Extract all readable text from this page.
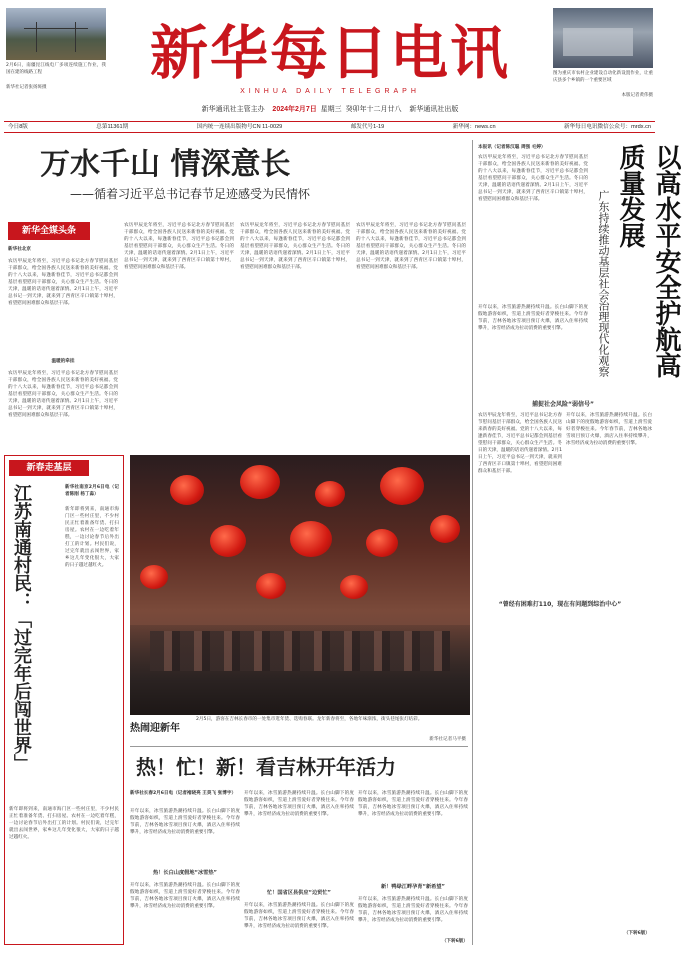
2月6日，南疆昆江线电厂多项连续施工作业，我国在建的线路工程
新华社记者张扬斑摄
新华每日电讯
XINHUA DAILY TELEGRAPH
图为重庆市农村企业建设自动化新设置作业，让重庆县多个乡镇的一个重要区域
本版记者黄伟摄
新华通讯社主管主办 2024年2月7日 星期三 癸卯年十二月廿八 新华通讯社出版
今日8版	总第11361期	国内统一连续出版物号CN 11-0029	邮发代号1-19	新华网：news.cn	新华每日电讯微信公众号：mrdx.cn
万水千山 情深意长
——循着习近平总书记春节足迹感受为民情怀
新华全媒头条
新华社北京
农历甲辰龙年将至，习近平总书记北方春节慰问基层干部群众，给全国各族人民送来新春的美好祝福。党的十八大以来，每逢新春佳节，习近平总书记都会到基层看望慰问干部群众，关心群众生产生活。冬日的天津，温暖的话语传递着深情。2月1日上午，习近平总书记一到天津，就来到了西青区辛口镇第十埠村，看望慰问困难群众和基层干部。
温暖的牵挂
农历甲辰龙年将至，习近平总书记北方春节慰问基层干部群众，给全国各族人民送来新春的美好祝福。党的十八大以来，每逢新春佳节，习近平总书记都会到基层看望慰问干部群众，关心群众生产生活。冬日的天津，温暖的话语传递着深情。2月1日上午，习近平总书记一到天津，就来到了西青区辛口镇第十埠村，看望慰问困难群众和基层干部。
农历甲辰龙年将至，习近平总书记北方春节慰问基层干部群众，给全国各族人民送来新春的美好祝福。党的十八大以来，每逢新春佳节，习近平总书记都会到基层看望慰问干部群众，关心群众生产生活。冬日的天津，温暖的话语传递着深情。2月1日上午，习近平总书记一到天津，就来到了西青区辛口镇第十埠村，看望慰问困难群众和基层干部。
农历甲辰龙年将至，习近平总书记北方春节慰问基层干部群众，给全国各族人民送来新春的美好祝福。党的十八大以来，每逢新春佳节，习近平总书记都会到基层看望慰问干部群众，关心群众生产生活。冬日的天津，温暖的话语传递着深情。2月1日上午，习近平总书记一到天津，就来到了西青区辛口镇第十埠村，看望慰问困难群众和基层干部。
农历甲辰龙年将至，习近平总书记北方春节慰问基层干部群众，给全国各族人民送来新春的美好祝福。党的十八大以来，每逢新春佳节，习近平总书记都会到基层看望慰问干部群众，关心群众生产生活。冬日的天津，温暖的话语传递着深情。2月1日上午，习近平总书记一到天津，就来到了西青区辛口镇第十埠村，看望慰问困难群众和基层干部。	以高水平安全护航高质量发展
广东持续推动基层社会治理现代化观察
本报讯（记者陈汉聪 周强 毛婷）
农历甲辰龙年将至，习近平总书记北方春节慰问基层干部群众，给全国各族人民送来新春的美好祝福。党的十八大以来，每逢新春佳节，习近平总书记都会到基层看望慰问干部群众，关心群众生产生活。冬日的天津，温暖的话语传递着深情。2月1日上午，习近平总书记一到天津，就来到了西青区辛口镇第十埠村，看望慰问困难群众和基层干部。
开年以来，冰雪旅游热潮持续升温。长白山脚下的度假地游客如织，雪道上滑雪爱好者穿梭往来。今年春节前，吉林各地冰雪项目预订火爆，酒店入住率持续攀升，冰雪经济成为拉动消费的重要引擎。
捕捉社会风险“弱信号”
农历甲辰龙年将至，习近平总书记北方春节慰问基层干部群众，给全国各族人民送来新春的美好祝福。党的十八大以来，每逢新春佳节，习近平总书记都会到基层看望慰问干部群众，关心群众生产生活。冬日的天津，温暖的话语传递着深情。2月1日上午，习近平总书记一到天津，就来到了西青区辛口镇第十埠村，看望慰问困难群众和基层干部。
开年以来，冰雪旅游热潮持续升温。长白山脚下的度假地游客如织，雪道上滑雪爱好者穿梭往来。今年春节前，吉林各地冰雪项目预订火爆，酒店入住率持续攀升，冰雪经济成为拉动消费的重要引擎。
“曾经有困难打110，现在有问题到综治中心”
（下转6版）
新春走基层
江苏南通村民：「过完年后闯世界」	新华社南京2月6日电（记者陈刚 杨丁淼）
新年即将到来，南通市海门区一些村庄里，不少村民正忙着准备年货、打扫房屋。农村在一边吃着年糕，一边讨论春节后外出打工的计划。村民们说，过完年就出去闯世界，家乡这几年变化很大，大家的日子越过越红火。
新年即将到来，南通市海门区一些村庄里，不少村民正忙着准备年货、打扫房屋。农村在一边吃着年糕，一边讨论春节后外出打工的计划。村民们说，过完年就出去闯世界，家乡这几年变化很大，大家的日子越过越红火。
热闹迎新年
2月5日，游客在吉林长春市的一处集市逛年货、选购春联。龙年新春将至，各地年味渐浓，街头巷尾张灯结彩。
新华社记者马平摄
热！忙！新！看吉林开年活力
新华社长春2月6日电（记者褚晓亮 王昊飞 张博宇）
开年以来，冰雪旅游热潮持续升温。长白山脚下的度假地游客如织，雪道上滑雪爱好者穿梭往来。今年春节前，吉林各地冰雪项目预订火爆，酒店入住率持续攀升，冰雪经济成为拉动消费的重要引擎。
热！长白山度假地“冰雪热”
开年以来，冰雪旅游热潮持续升温。长白山脚下的度假地游客如织，雪道上滑雪爱好者穿梭往来。今年春节前，吉林各地冰雪项目预订火爆，酒店入住率持续攀升，冰雪经济成为拉动消费的重要引擎。
开年以来，冰雪旅游热潮持续升温。长白山脚下的度假地游客如织，雪道上滑雪爱好者穿梭往来。今年春节前，吉林各地冰雪项目预订火爆，酒店入住率持续攀升，冰雪经济成为拉动消费的重要引擎。
忙！国省区县供应“边贸忙”
开年以来，冰雪旅游热潮持续升温。长白山脚下的度假地游客如织，雪道上滑雪爱好者穿梭往来。今年春节前，吉林各地冰雪项目预订火爆，酒店入住率持续攀升，冰雪经济成为拉动消费的重要引擎。
开年以来，冰雪旅游热潮持续升温。长白山脚下的度假地游客如织，雪道上滑雪爱好者穿梭往来。今年春节前，吉林各地冰雪项目预订火爆，酒店入住率持续攀升，冰雪经济成为拉动消费的重要引擎。
新！鸭绿江畔孕育“新希望”
开年以来，冰雪旅游热潮持续升温。长白山脚下的度假地游客如织，雪道上滑雪爱好者穿梭往来。今年春节前，吉林各地冰雪项目预订火爆，酒店入住率持续攀升，冰雪经济成为拉动消费的重要引擎。
（下转6版）
